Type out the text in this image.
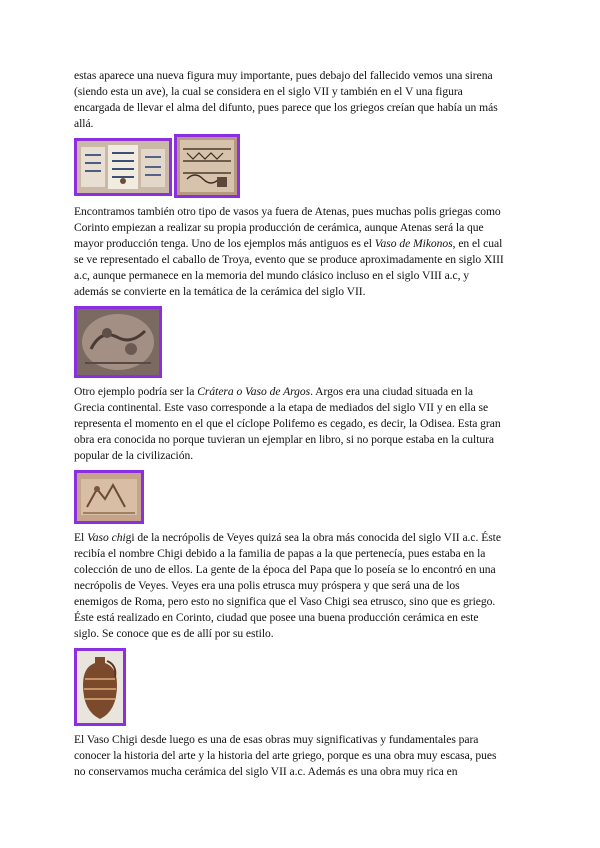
estas aparece una nueva figura muy importante, pues debajo del fallecido vemos una sirena
(siendo esta un ave), la cual se considera en el siglo VII y también en el V una figura
encargada de llevar el alma del difunto, pues parece que los griegos creían que había un más
allá.

Encontramos también otro tipo de vasos ya fuera de Atenas, pues muchas polis griegas como
Corinto empiezan a realizar su propia producción de cerámica, aunque Atenas será la que
mayor producción tenga. Uno de los ejemplos más antiguos es el Vaso de Mikonos, en el cual
se ve representado el caballo de Troya, evento que se produce aproximadamente en siglo XIII
a.c, aunque permanece en la memoria del mundo clásico incluso en el siglo VIII a.c, y
además se convierte en la temática de la cerámica del siglo VII.

Otro ejemplo podría ser la Crátera o Vaso de Argos. Argos era una ciudad situada en la
Grecia continental. Este vaso corresponde a la etapa de mediados del siglo VII y en ella se
representa el momento en el que el cíclope Polifemo es cegado, es decir, la Odisea. Esta gran
obra era conocida no porque tuvieran un ejemplar en libro, si no porque estaba en la cultura
popular de la civilización.

El Vaso chigi de la necrópolis de Veyes quizá sea la obra más conocida del siglo VII a.c. Éste
recibía el nombre Chigi debido a la familia de papas a la que pertenecía, pues estaba en la
colección de uno de ellos. La gente de la época del Papa que lo poseía se lo encontró en una
necrópolis de Veyes. Veyes era una polis etrusca muy próspera y que será una de los
enemigos de Roma, pero esto no significa que el Vaso Chigi sea etrusco, sino que es griego.
Éste está realizado en Corinto, ciudad que posee una buena producción cerámica en este
siglo. Se conoce que es de allí por su estilo.

El Vaso Chigi desde luego es una de esas obras muy significativas y fundamentales para
conocer la historia del arte y la historia del arte griego, porque es una obra muy escasa, pues
no conservamos mucha cerámica del siglo VII a.c. Además es una obra muy rica en
